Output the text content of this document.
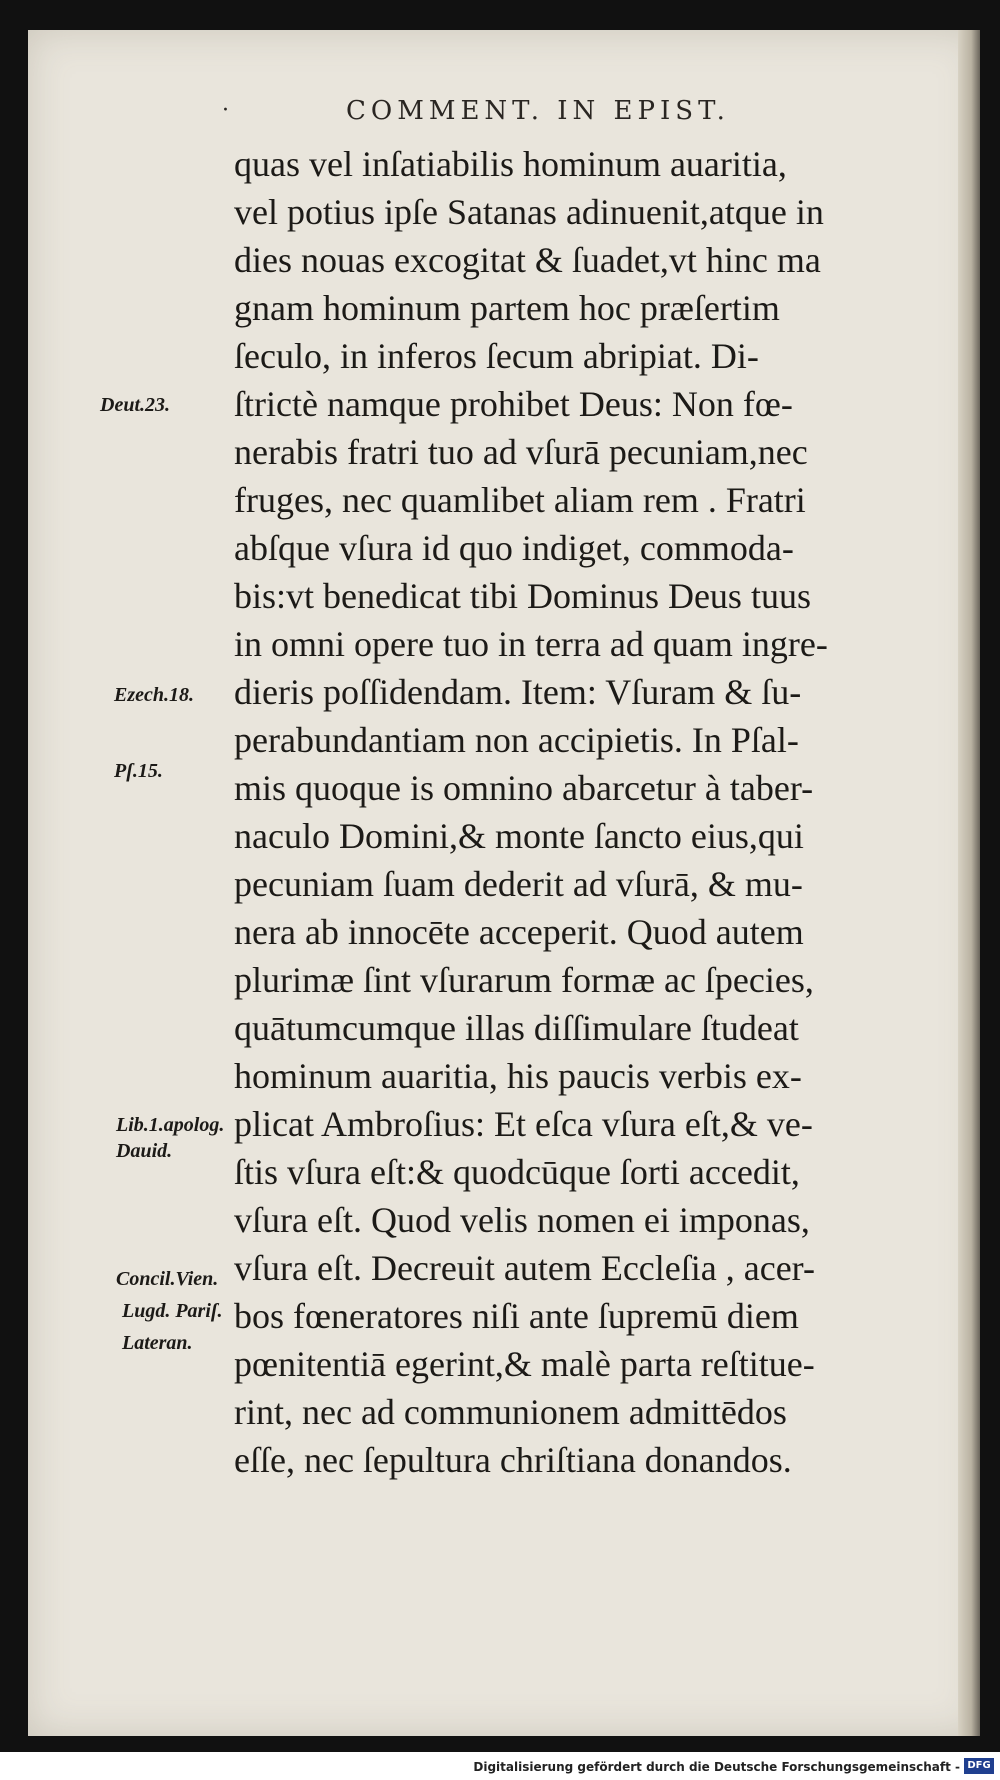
·	COMMENT. IN EPIST.
quas vel inſatiabilis hominum auaritia,
vel potius ipſe Satanas adinuenit,atque in
dies nouas excogitat & ſuadet,vt hinc ma
gnam hominum partem hoc præſertim
ſeculo, in inferos ſecum abripiat. Di-
ſtrictè namque prohibet Deus: Non fœ-
nerabis fratri tuo ad vſurā pecuniam,nec
fruges, nec quamlibet aliam rem . Fratri
abſque vſura id quo indiget, commoda-
bis:vt benedicat tibi Dominus Deus tuus
in omni opere tuo in terra ad quam ingre-
dieris poſſidendam. Item: Vſuram & ſu-
perabundantiam non accipietis. In Pſal-
mis quoque is omnino abarcetur à taber-
naculo Domini,& monte ſancto eius,qui
pecuniam ſuam dederit ad vſurā, & mu-
nera ab innocēte acceperit. Quod autem
plurimæ ſint vſurarum formæ ac ſpecies,
quātumcumque illas diſſimulare ſtudeat
hominum auaritia, his paucis verbis ex-
plicat Ambroſius: Et eſca vſura eſt,& ve-
ſtis vſura eſt:& quodcūque ſorti accedit,
vſura eſt. Quod velis nomen ei imponas,
vſura eſt. Decreuit autem Eccleſia , acer-
bos fœneratores niſi ante ſupremū diem
pœnitentiā egerint,& malè parta reſtitue-
rint, nec ad communionem admittēdos
eſſe, nec ſepultura chriſtiana donandos.
Deut.23.
Ezech.18.
Pſ.15.
Lib.1.apolog.
Dauid.
Concil.Vien.
Lugd. Pariſ.
Lateran.
Digitalisierung gefördert durch die Deutsche Forschungsgemeinschaft - DFG
